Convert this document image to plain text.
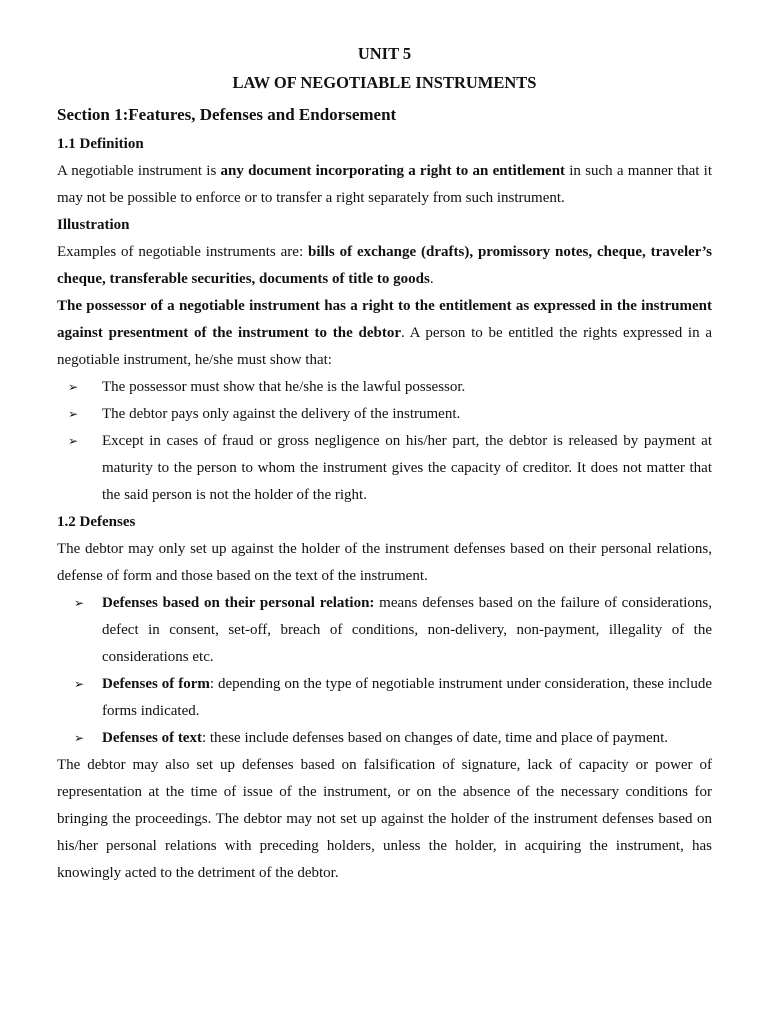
UNIT 5
LAW OF NEGOTIABLE INSTRUMENTS
Section 1:Features, Defenses and Endorsement
1.1 Definition

A negotiable instrument is any document incorporating a right to an entitlement in such a manner that it may not be possible to enforce or to transfer a right separately from such instrument.

Illustration

Examples of negotiable instruments are: bills of exchange (drafts), promissory notes, cheque, traveler’s cheque, transferable securities, documents of title to goods.

The possessor of a negotiable instrument has a right to the entitlement as expressed in the instrument against presentment of the instrument to the debtor. A person to be entitled the rights expressed in a negotiable instrument, he/she must show that:

➢ The possessor must show that he/she is the lawful possessor.
➢ The debtor pays only against the delivery of the instrument.
➢ Except in cases of fraud or gross negligence on his/her part, the debtor is released by payment at maturity to the person to whom the instrument gives the capacity of creditor. It does not matter that the said person is not the holder of the right.
1.2 Defenses

The debtor may only set up against the holder of the instrument defenses based on their personal relations, defense of form and those based on the text of the instrument.

➢ Defenses based on their personal relation: means defenses based on the failure of considerations, defect in consent, set-off, breach of conditions, non-delivery, non-payment, illegality of the considerations etc.
➢ Defenses of form: depending on the type of negotiable instrument under consideration, these include forms indicated.
➢ Defenses of text: these include defenses based on changes of date, time and place of payment.

The debtor may also set up defenses based on falsification of signature, lack of capacity or power of representation at the time of issue of the instrument, or on the absence of the necessary conditions for bringing the proceedings. The debtor may not set up against the holder of the instrument defenses based on his/her personal relations with preceding holders, unless the holder, in acquiring the instrument, has knowingly acted to the detriment of the debtor.
